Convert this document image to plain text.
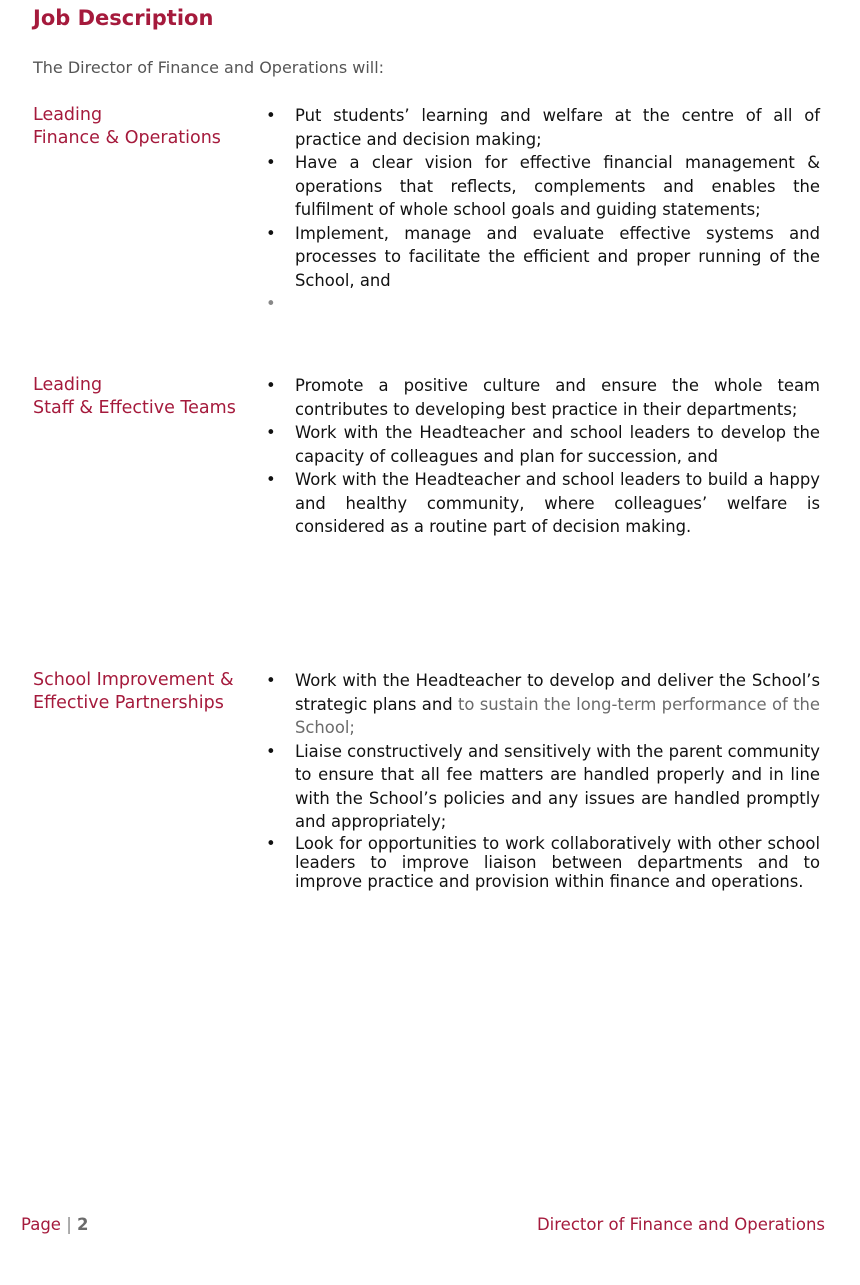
Job Description

The Director of Finance and Operations will:

Leading
Finance & Operations
• Put students’ learning and welfare at the centre of all of practice and decision making;
• Have a clear vision for effective financial management & operations that reflects, complements and enables the fulfilment of whole school goals and guiding statements;
• Implement, manage and evaluate effective systems and processes to facilitate the efficient and proper running of the School, and
•
Leading
Staff & Effective Teams
• Promote a positive culture and ensure the whole team contributes to developing best practice in their departments;
• Work with the Headteacher and school leaders to develop the capacity of colleagues and plan for succession, and
• Work with the Headteacher and school leaders to build a happy and healthy community, where colleagues’ welfare is considered as a routine part of decision making.
School Improvement &
Effective Partnerships
• Work with the Headteacher to develop and deliver the School’s strategic plans and to sustain the long-term performance of the School;
• Liaise constructively and sensitively with the parent community to ensure that all fee matters are handled properly and in line with the School’s policies and any issues are handled promptly and appropriately;
• Look for opportunities to work collaboratively with other school leaders to improve liaison between departments and to improve practice and provision within finance and operations.
Page | 2	Director of Finance and Operations
